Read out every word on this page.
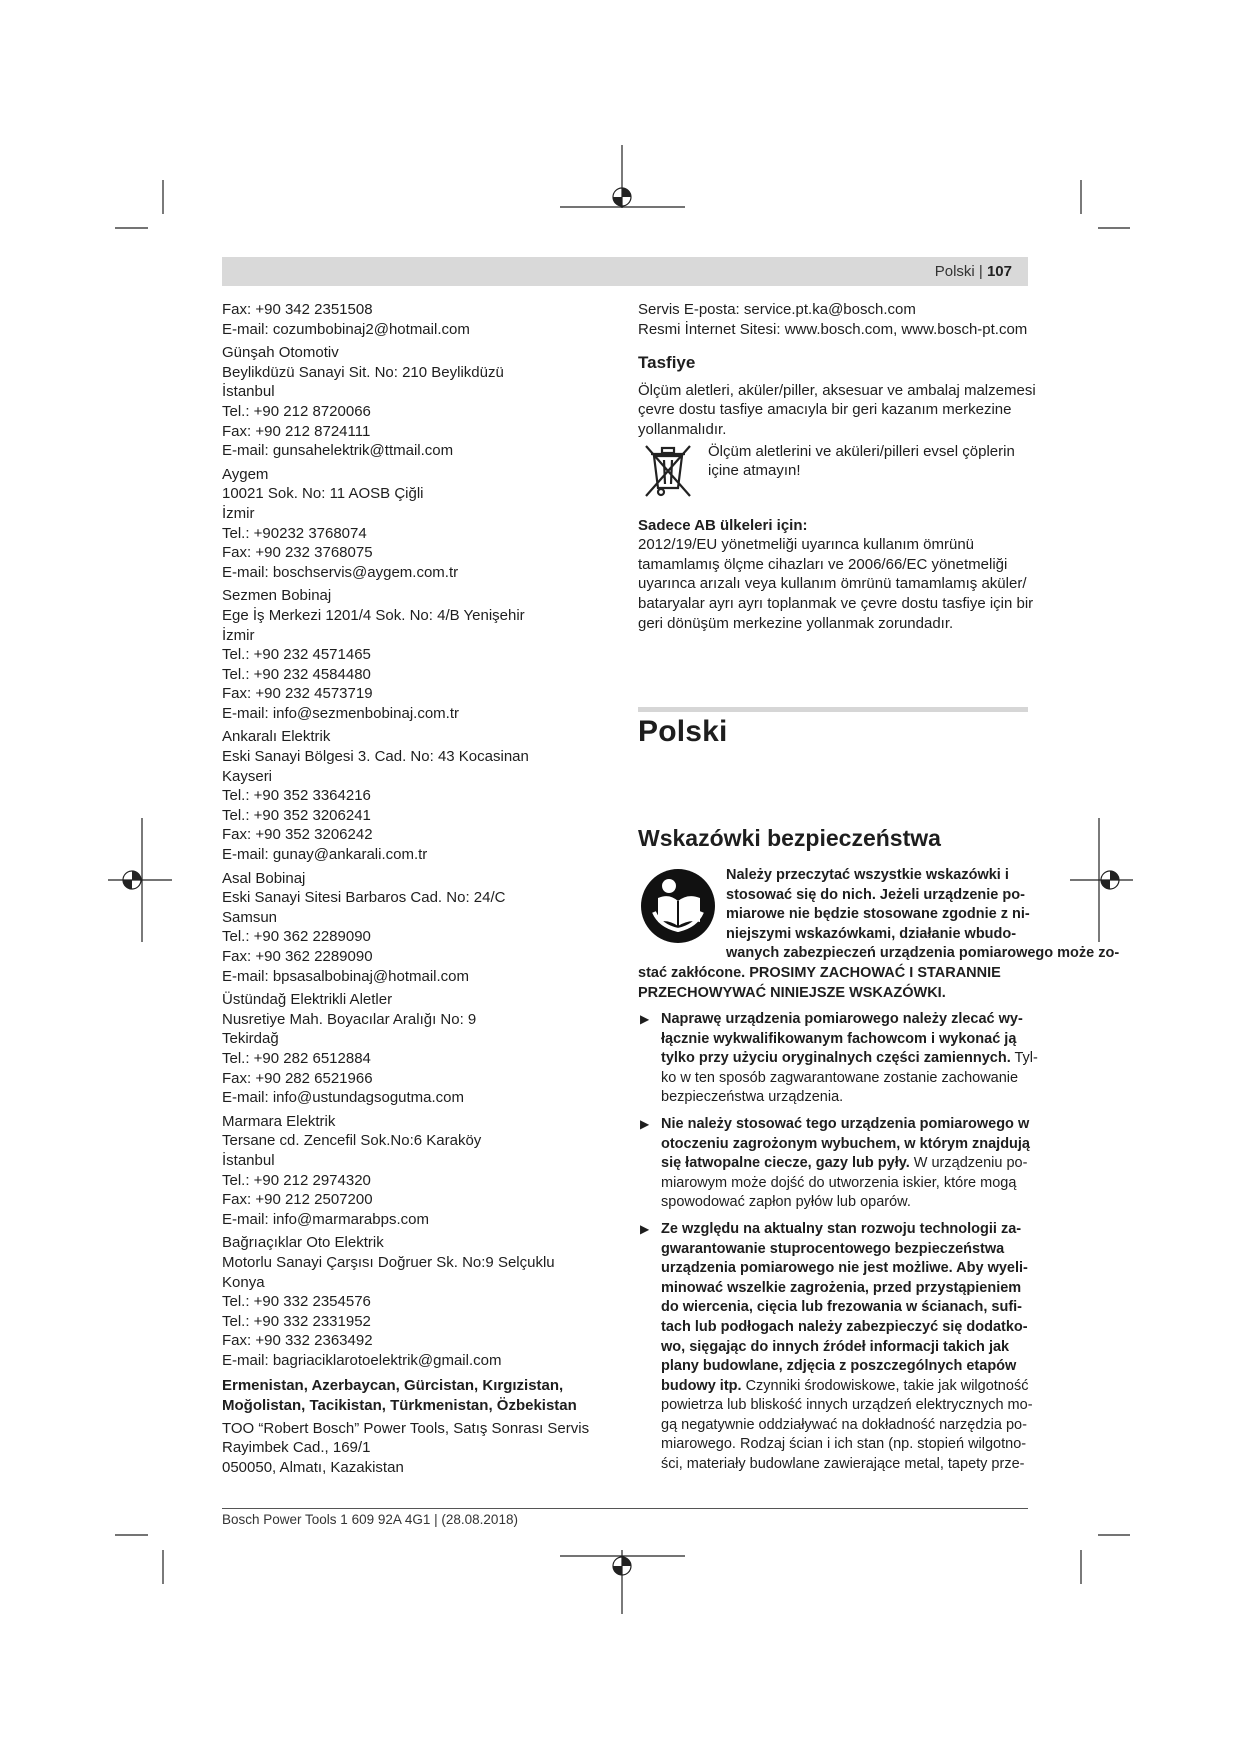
Polski | 107
Fax: +90 342 2351508
E-mail: cozumbobinaj2@hotmail.com
Günşah Otomotiv
Beylikdüzü Sanayi Sit. No: 210 Beylikdüzü
İstanbul
Tel.: +90 212 8720066
Fax: +90 212 8724111
E-mail: gunsahelektrik@ttmail.com
Aygem
10021 Sok. No: 11 AOSB Çiğli
İzmir
Tel.: +90232 3768074
Fax: +90 232 3768075
E-mail: boschservis@aygem.com.tr
Sezmen Bobinaj
Ege İş Merkezi 1201/4 Sok. No: 4/B Yenişehir
İzmir
Tel.: +90 232 4571465
Tel.: +90 232 4584480
Fax: +90 232 4573719
E-mail: info@sezmenbobinaj.com.tr
Ankaralı Elektrik
Eski Sanayi Bölgesi 3. Cad. No: 43 Kocasinan
Kayseri
Tel.: +90 352 3364216
Tel.: +90 352 3206241
Fax: +90 352 3206242
E-mail: gunay@ankarali.com.tr
Asal Bobinaj
Eski Sanayi Sitesi Barbaros Cad. No: 24/C
Samsun
Tel.: +90 362 2289090
Fax: +90 362 2289090
E-mail: bpsasalbobinaj@hotmail.com
Üstündağ Elektrikli Aletler
Nusretiye Mah. Boyacılar Aralığı No: 9
Tekirdağ
Tel.: +90 282 6512884
Fax: +90 282 6521966
E-mail: info@ustundagsogutma.com
Marmara Elektrik
Tersane cd. Zencefil Sok.No:6 Karaköy
İstanbul
Tel.: +90 212 2974320
Fax: +90 212 2507200
E-mail: info@marmarabps.com
Bağrıaçıklar Oto Elektrik
Motorlu Sanayi Çarşısı Doğruer Sk. No:9 Selçuklu
Konya
Tel.: +90 332 2354576
Tel.: +90 332 2331952
Fax: +90 332 2363492
E-mail: bagriaciklarotoelektrik@gmail.com
Ermenistan, Azerbaycan, Gürcistan, Kırgızistan,
Moğolistan, Tacikistan, Türkmenistan, Özbekistan
TOO “Robert Bosch” Power Tools, Satış Sonrası Servis
Rayimbek Cad., 169/1
050050, Almatı, Kazakistan
Servis E-posta: service.pt.ka@bosch.com
Resmi İnternet Sitesi: www.bosch.com, www.bosch-pt.com
Tasfiye
Ölçüm aletleri, aküler/piller, aksesuar ve ambalaj malzemesi
çevre dostu tasfiye amacıyla bir geri kazanım merkezine
yollanmalıdır.
Ölçüm aletlerini ve aküleri/pilleri evsel çöplerin
içine atmayın!
Sadece AB ülkeleri için:
2012/19/EU yönetmeliği uyarınca kullanım ömrünü
tamamlamış ölçme cihazları ve 2006/66/EC yönetmeliği
uyarınca arızalı veya kullanım ömrünü tamamlamış aküler/
bataryalar ayrı ayrı toplanmak ve çevre dostu tasfiye için bir
geri dönüşüm merkezine yollanmak zorundadır.
Polski
Wskazówki bezpieczeństwa
Należy przeczytać wszystkie wskazówki i
stosować się do nich. Jeżeli urządzenie po-
miarowe nie będzie stosowane zgodnie z ni-
niejszymi wskazówkami, działanie wbudo-
wanych zabezpieczeń urządzenia pomiarowego może zo-
stać zakłócone. PROSIMY ZACHOWAĆ I STARANNIE
PRZECHOWYWAĆ NINIEJSZE WSKAZÓWKI.
▶ Naprawę urządzenia pomiarowego należy zlecać wy-
łącznie wykwalifikowanym fachowcom i wykonać ją
tylko przy użyciu oryginalnych części zamiennych. Tyl-
ko w ten sposób zagwarantowane zostanie zachowanie
bezpieczeństwa urządzenia.
▶ Nie należy stosować tego urządzenia pomiarowego w
otoczeniu zagrożonym wybuchem, w którym znajdują
się łatwopalne ciecze, gazy lub pyły. W urządzeniu po-
miarowym może dojść do utworzenia iskier, które mogą
spowodować zapłon pyłów lub oparów.
▶ Ze względu na aktualny stan rozwoju technologii za-
gwarantowanie stuprocentowego bezpieczeństwa
urządzenia pomiarowego nie jest możliwe. Aby wyeli-
minować wszelkie zagrożenia, przed przystąpieniem
do wiercenia, cięcia lub frezowania w ścianach, sufi-
tach lub podłogach należy zabezpieczyć się dodatko-
wo, sięgając do innych źródeł informacji takich jak
plany budowlane, zdjęcia z poszczególnych etapów
budowy itp. Czynniki środowiskowe, takie jak wilgotność
powietrza lub bliskość innych urządzeń elektrycznych mo-
gą negatywnie oddziaływać na dokładność narzędzia po-
miarowego. Rodzaj ścian i ich stan (np. stopień wilgotno-
ści, materiały budowlane zawierające metal, tapety prze-
Bosch Power Tools 1 609 92A 4G1 | (28.08.2018)
